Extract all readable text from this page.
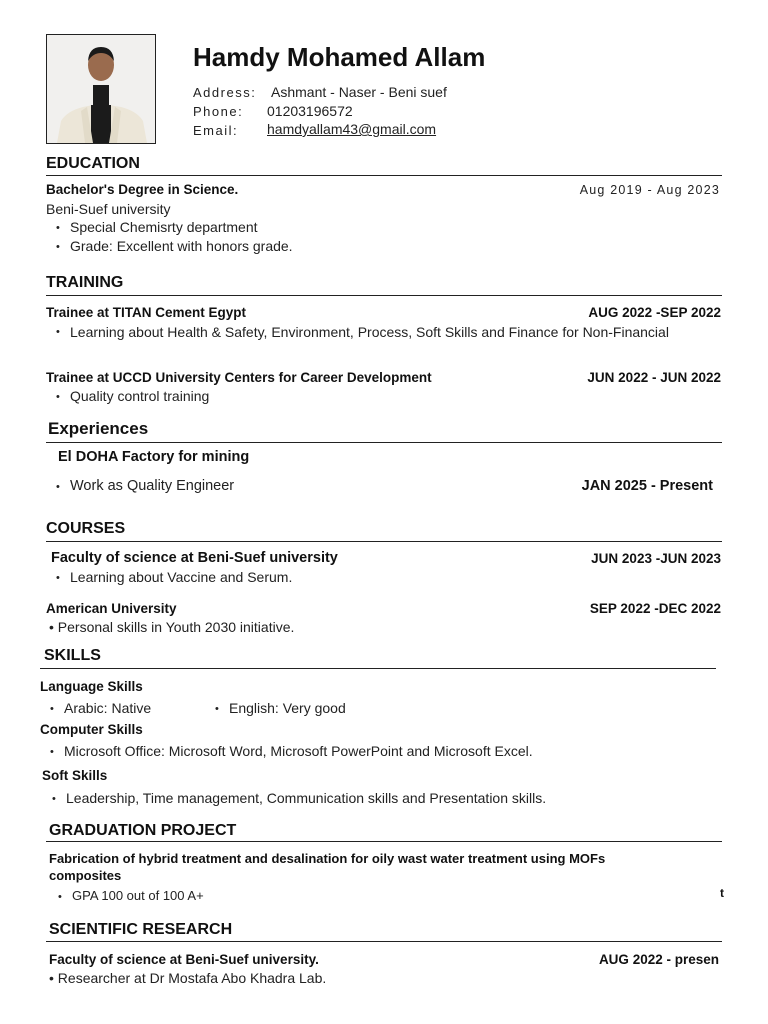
Hamdy Mohamed Allam
Address: Ashmant - Naser - Beni suef
Phone: 01203196572
Email: hamdyallam43@gmail.com
EDUCATION
Bachelor's Degree in Science.	Aug 2019 - Aug 2023
Beni-Suef university
• Special Chemisrty department
• Grade: Excellent with honors grade.
TRAINING
Trainee at TITAN Cement Egypt	AUG 2022 -SEP 2022
• Learning about Health & Safety, Environment, Process, Soft Skills and Finance for Non-Financial
Trainee at UCCD University Centers for Career Development	JUN 2022 - JUN 2022
• Quality control training
Experiences
El DOHA Factory for mining
• Work as Quality Engineer	JAN 2025 - Present
COURSES
Faculty of science at Beni-Suef university	JUN 2023 -JUN 2023
• Learning about Vaccine and Serum.
American University	SEP 2022 -DEC 2022
• Personal skills in Youth 2030 initiative.
SKILLS
Language Skills
• Arabic: Native
•	English: Very good
Computer Skills
• Microsoft Office: Microsoft Word, Microsoft PowerPoint and Microsoft Excel.
Soft Skills
• Leadership, Time management, Communication skills and Presentation skills.
GRADUATION PROJECT
Fabrication of hybrid treatment and desalination for oily wast water treatment using MOFs composites
• GPA 100 out of 100 A+	t
SCIENTIFIC RESEARCH
Faculty of science at Beni-Suef university.	AUG 2022 - presen
• Researcher at Dr Mostafa Abo Khadra Lab.
